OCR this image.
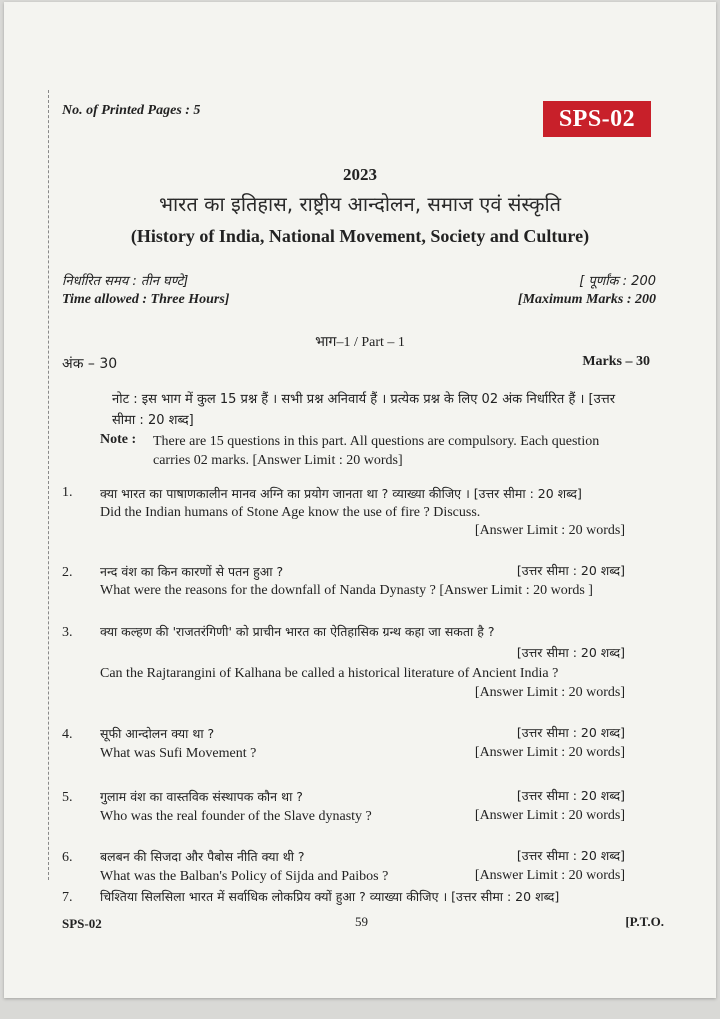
No. of Printed Pages : 5	SPS-02
2023
भारत का इतिहास, राष्ट्रीय आन्दोलन, समाज एवं संस्कृति
(History of India, National Movement, Society and Culture)
निर्धारित समय : तीन घण्टे]
Time allowed : Three Hours]
[ पूर्णांक : 200
[Maximum Marks : 200
भाग–1 / Part – 1
अंक – 30	Marks – 30
नोट : इस भाग में कुल 15 प्रश्न हैं । सभी प्रश्न अनिवार्य हैं । प्रत्येक प्रश्न के लिए 02 अंक निर्धारित हैं । [उत्तर सीमा : 20 शब्द]
Note : There are 15 questions in this part. All questions are compulsory. Each question carries 02 marks. [Answer Limit : 20 words]
1. क्या भारत का पाषाणकालीन मानव अग्नि का प्रयोग जानता था ? व्याख्या कीजिए । [उत्तर सीमा : 20 शब्द]
Did the Indian humans of Stone Age know the use of fire ? Discuss.
[Answer Limit : 20 words]
2. नन्द वंश का किन कारणों से पतन हुआ ?	[उत्तर सीमा : 20 शब्द]
What were the reasons for the downfall of Nanda Dynasty ? [Answer Limit : 20 words ]
3. क्या कल्हण की 'राजतरंगिणी' को प्राचीन भारत का ऐतिहासिक ग्रन्थ कहा जा सकता है ?
[उत्तर सीमा : 20 शब्द]
Can the Rajtarangini of Kalhana be called a historical literature of Ancient India ?
[Answer Limit : 20 words]
4. सूफी आन्दोलन क्या था ?	[उत्तर सीमा : 20 शब्द]
What was Sufi Movement ?	[Answer Limit : 20 words]
5. गुलाम वंश का वास्तविक संस्थापक कौन था ?	[उत्तर सीमा : 20 शब्द]
Who was the real founder of the Slave dynasty ?	[Answer Limit : 20 words]
6. बलबन की सिजदा और पैबोस नीति क्या थी ?	[उत्तर सीमा : 20 शब्द]
What was the Balban's Policy of Sijda and Paibos ?	[Answer Limit : 20 words]
7. चिश्तिया सिलसिला भारत में सर्वाधिक लोकप्रिय क्यों हुआ ? व्याख्या कीजिए । [उत्तर सीमा : 20 शब्द]
SPS-02	59	[P.T.O.
